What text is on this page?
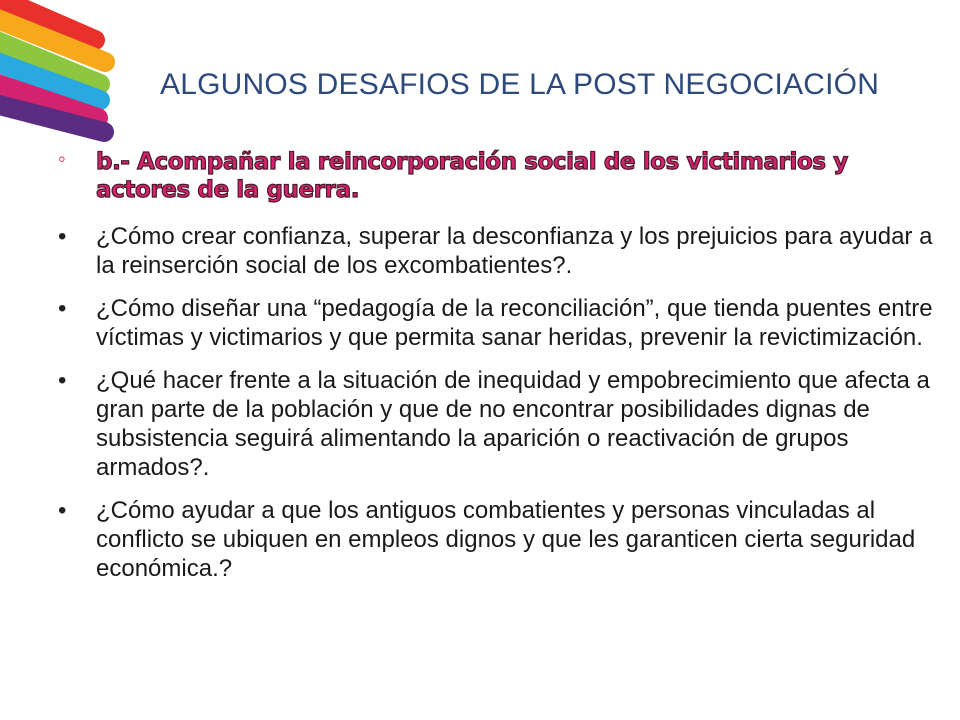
ALGUNOS DESAFIOS DE LA POST NEGOCIACIÓN
◦ b.- Acompañar la reincorporación social de los victimarios y actores de la guerra.
• ¿Cómo crear confianza, superar la desconfianza y los prejuicios para ayudar a la reinserción social de los excombatientes?.
• ¿Cómo diseñar una “pedagogía de la reconciliación”, que tienda puentes entre víctimas y victimarios y que permita sanar heridas, prevenir la revictimización.
• ¿Qué hacer frente a la situación de inequidad y empobrecimiento que afecta a gran parte de la población y que de no encontrar posibilidades dignas de subsistencia seguirá alimentando la aparición o reactivación de grupos armados?.
• ¿Cómo ayudar a que los antiguos combatientes y personas vinculadas al conflicto se ubiquen en empleos dignos y que les garanticen cierta seguridad económica.?
